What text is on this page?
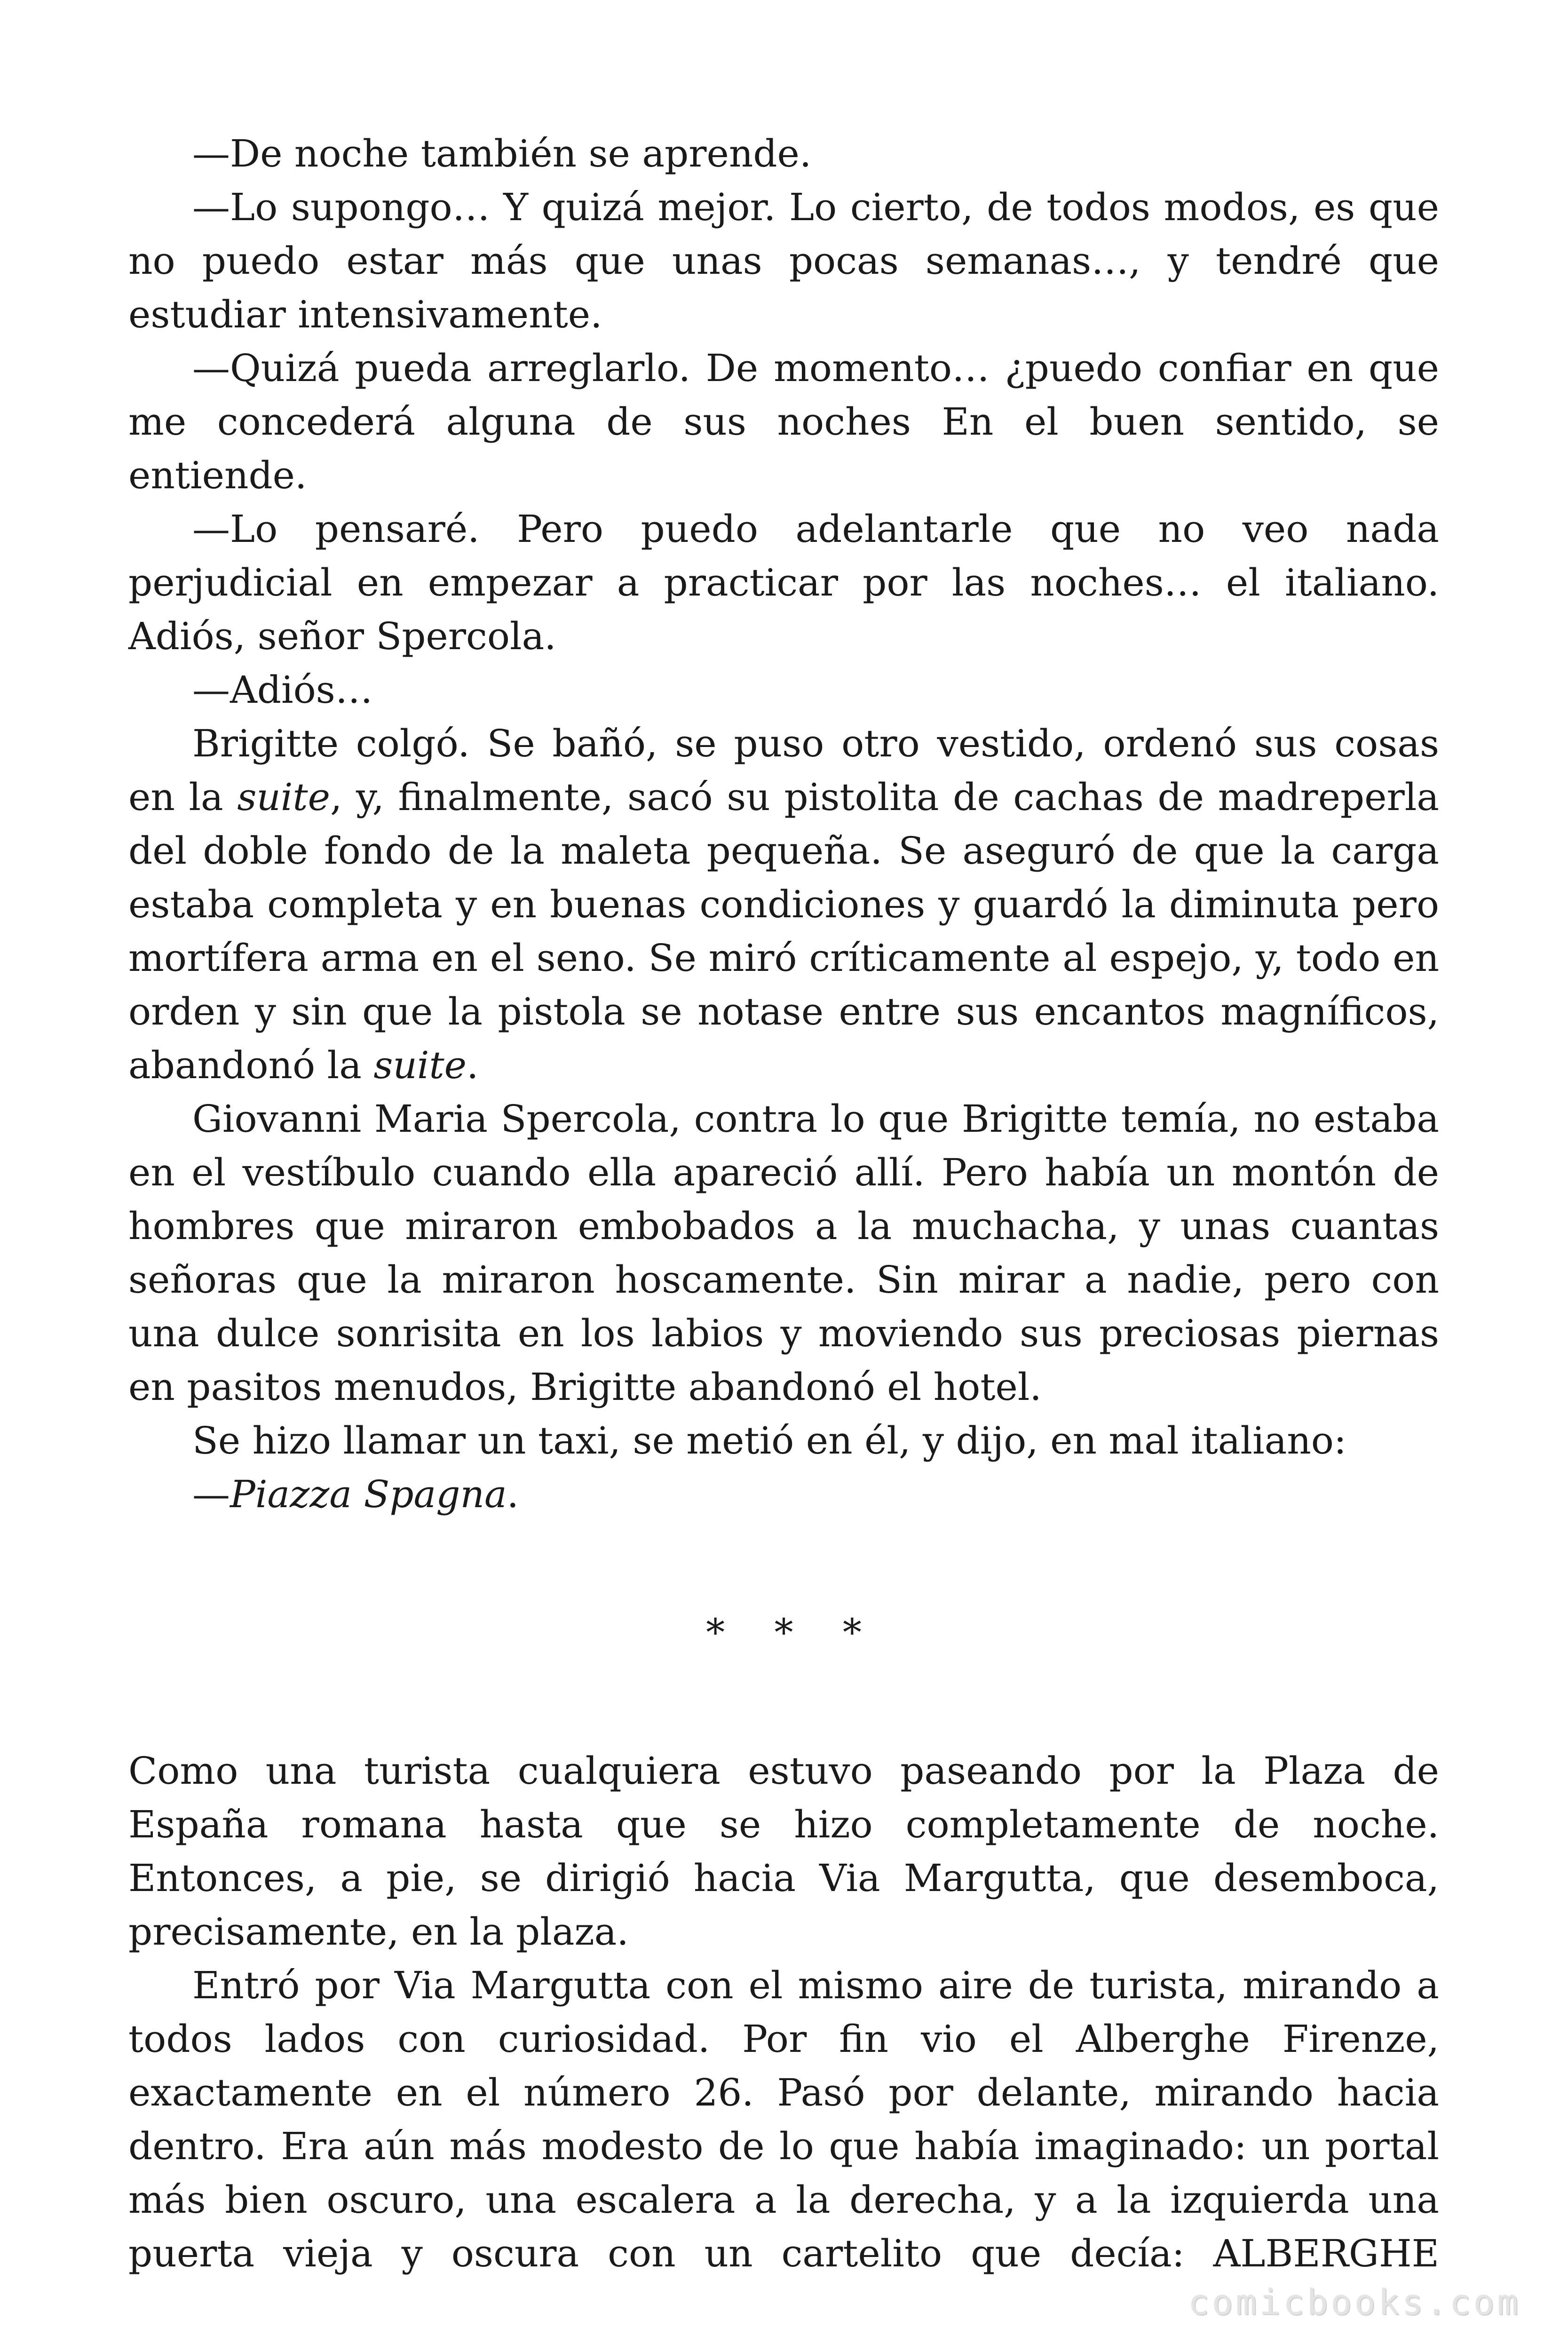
—De noche también se aprende.

—Lo supongo… Y quizá mejor. Lo cierto, de todos modos, es que no puedo estar más que unas pocas semanas…, y tendré que estudiar intensivamente.

—Quizá pueda arreglarlo. De momento… ¿puedo confiar en que me concederá alguna de sus noches En el buen sentido, se entiende.

—Lo pensaré. Pero puedo adelantarle que no veo nada perjudicial en empezar a practicar por las noches… el italiano. Adiós, señor Spercola.

—Adiós…

Brigitte colgó. Se bañó, se puso otro vestido, ordenó sus cosas en la suite, y, finalmente, sacó su pistolita de cachas de madreperla del doble fondo de la maleta pequeña. Se aseguró de que la carga estaba completa y en buenas condiciones y guardó la diminuta pero mortífera arma en el seno. Se miró críticamente al espejo, y, todo en orden y sin que la pistola se notase entre sus encantos magníficos, abandonó la suite.

Giovanni Maria Spercola, contra lo que Brigitte temía, no estaba en el vestíbulo cuando ella apareció allí. Pero había un montón de hombres que miraron embobados a la muchacha, y unas cuantas señoras que la miraron hoscamente. Sin mirar a nadie, pero con una dulce sonrisita en los labios y moviendo sus preciosas piernas en pasitos menudos, Brigitte abandonó el hotel.

Se hizo llamar un taxi, se metió en él, y dijo, en mal italiano:

—Piazza Spagna.

* * *

Como una turista cualquiera estuvo paseando por la Plaza de España romana hasta que se hizo completamente de noche. Entonces, a pie, se dirigió hacia Via Margutta, que desemboca, precisamente, en la plaza.

Entró por Via Margutta con el mismo aire de turista, mirando a todos lados con curiosidad. Por fin vio el Alberghe Firenze, exactamente en el número 26. Pasó por delante, mirando hacia dentro. Era aún más modesto de lo que había imaginado: un portal más bien oscuro, una escalera a la derecha, y a la izquierda una puerta vieja y oscura con un cartelito que decía: ALBERGHE

comicbooks.com
